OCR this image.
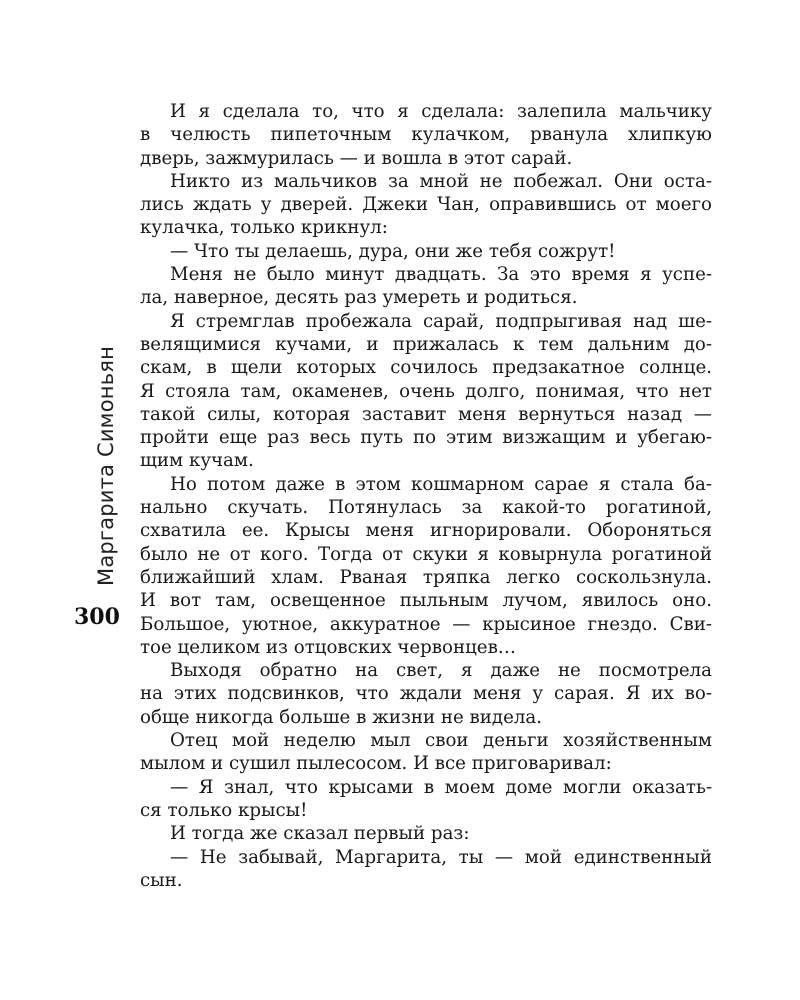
Маргарита Симоньян
300
И я сделала то, что я сделала: залепила мальчику
в челюсть пипеточным кулачком, рванула хлипкую
дверь, зажмурилась — и вошла в этот сарай.
Никто из мальчиков за мной не побежал. Они оста-
лись ждать у дверей. Джеки Чан, оправившись от моего
кулачка, только крикнул:
— Что ты делаешь, дура, они же тебя сожрут!
Меня не было минут двадцать. За это время я успе-
ла, наверное, десять раз умереть и родиться.
Я стремглав пробежала сарай, подпрыгивая над ше-
велящимися кучами, и прижалась к тем дальним до-
скам, в щели которых сочилось предзакатное солнце.
Я стояла там, окаменев, очень долго, понимая, что нет
такой силы, которая заставит меня вернуться назад —
пройти еще раз весь путь по этим визжащим и убегаю-
щим кучам.
Но потом даже в этом кошмарном сарае я стала ба-
нально скучать. Потянулась за какой-то рогатиной,
схватила ее. Крысы меня игнорировали. Обороняться
было не от кого. Тогда от скуки я ковырнула рогатиной
ближайший хлам. Рваная тряпка легко соскользнула.
И вот там, освещенное пыльным лучом, явилось оно.
Большое, уютное, аккуратное — крысиное гнездо. Сви-
тое целиком из отцовских червонцев…
Выходя обратно на свет, я даже не посмотрела
на этих подсвинков, что ждали меня у сарая. Я их во-
обще никогда больше в жизни не видела.
Отец мой неделю мыл свои деньги хозяйственным
мылом и сушил пылесосом. И все приговаривал:
— Я знал, что крысами в моем доме могли оказать-
ся только крысы!
И тогда же сказал первый раз:
— Не забывай, Маргарита, ты — мой единственный
сын.
